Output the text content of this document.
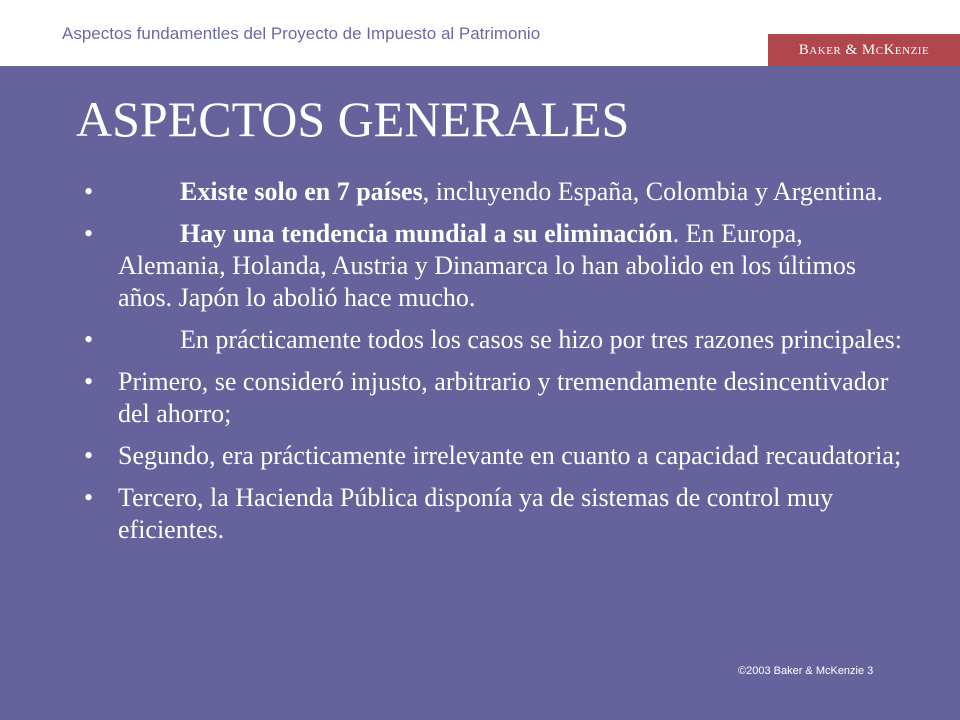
Aspectos fundamentles del Proyecto de Impuesto al Patrimonio
Baker & McKenzie
ASPECTOS GENERALES
•	Existe solo en 7 países, incluyendo España, Colombia y Argentina.
•	Hay una tendencia mundial a su eliminación. En Europa, Alemania, Holanda, Austria y Dinamarca lo han abolido en los últimos años. Japón lo abolió hace mucho.
•	En prácticamente todos los casos se hizo por tres razones principales:
• Primero, se consideró injusto, arbitrario y tremendamente desincentivador del ahorro;
• Segundo, era prácticamente irrelevante en cuanto a capacidad recaudatoria;
• Tercero, la Hacienda Pública disponía ya de sistemas de control muy eficientes.
©2003 Baker & McKenzie 3
